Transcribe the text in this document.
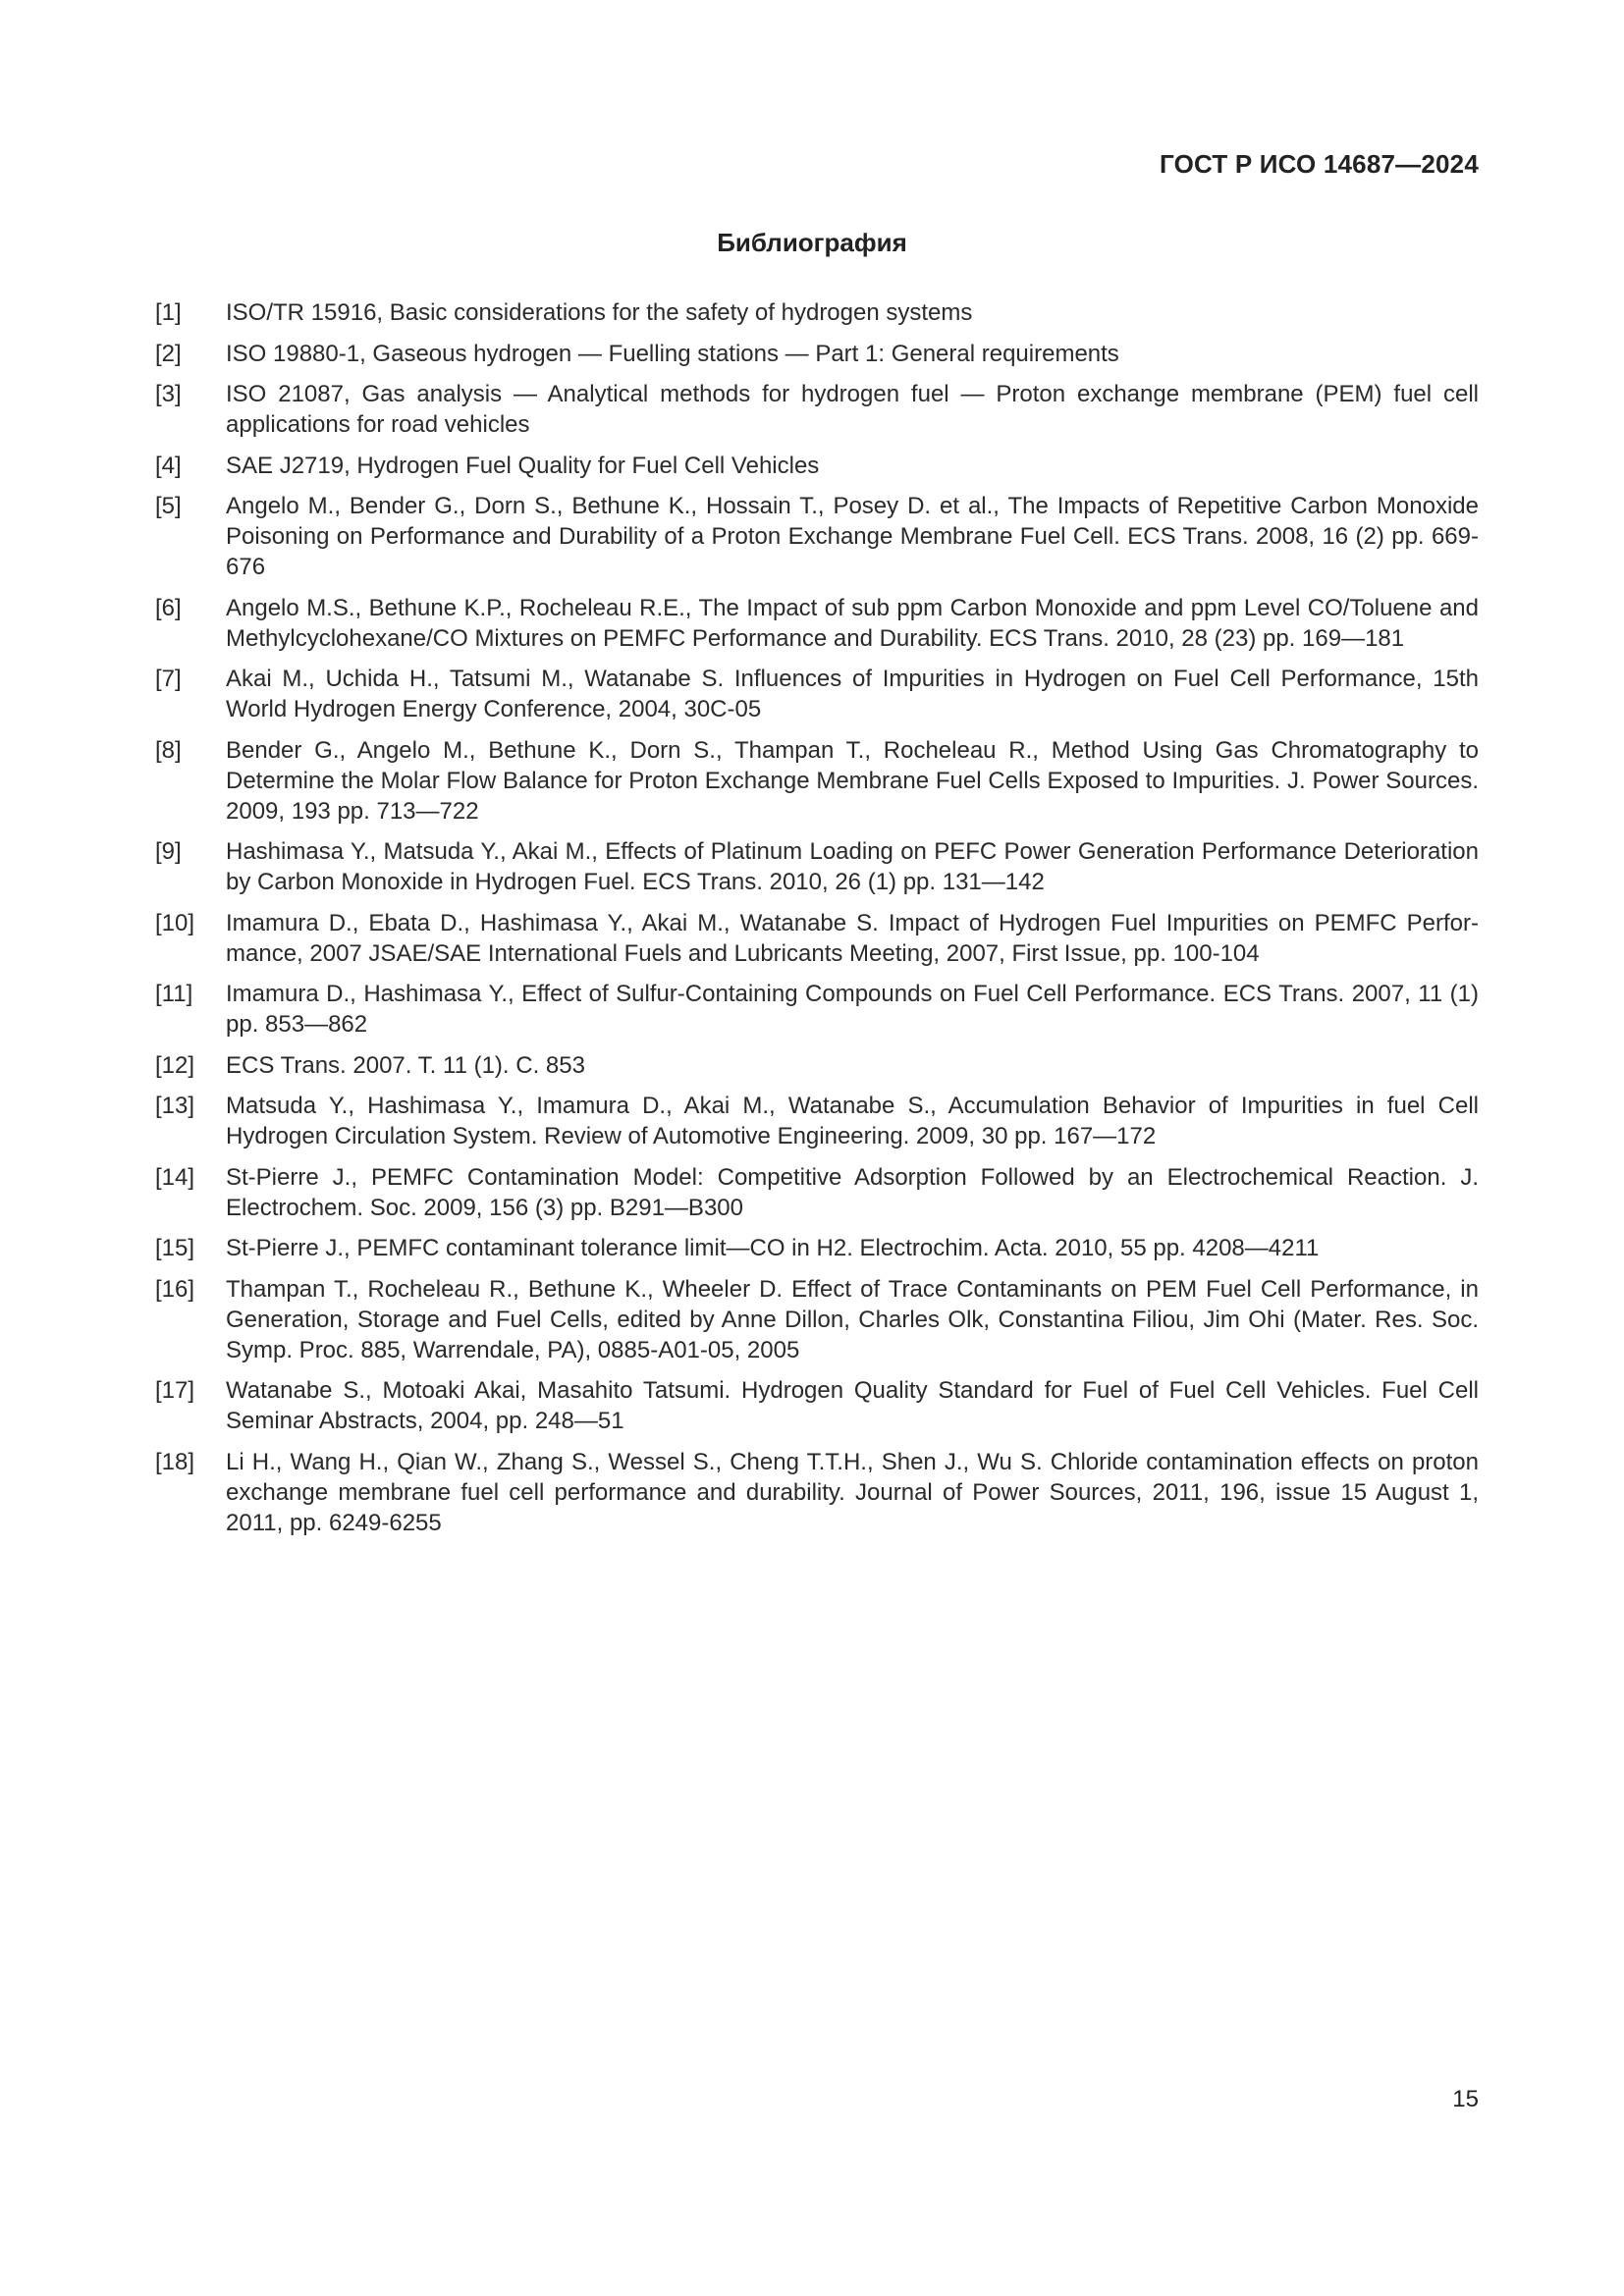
ГОСТ Р ИСО 14687—2024
Библиография
[1]	ISO/TR 15916, Basic considerations for the safety of hydrogen systems
[2]	ISO 19880-1, Gaseous hydrogen — Fuelling stations — Part 1: General requirements
[3]	ISO 21087, Gas analysis — Analytical methods for hydrogen fuel — Proton exchange membrane (PEM) fuel cell applications for road vehicles
[4]	SAE J2719, Hydrogen Fuel Quality for Fuel Cell Vehicles
[5]	Angelo M., Bender G., Dorn S., Bethune K., Hossain T., Posey D. et al., The Impacts of Repetitive Carbon Monoxide Poisoning on Performance and Durability of a Proton Exchange Membrane Fuel Cell. ECS Trans. 2008, 16 (2) pp. 669-676
[6]	Angelo M.S., Bethune K.P., Rocheleau R.E., The Impact of sub ppm Carbon Monoxide and ppm Level CO/Toluene and Methylcyclohexane/CO Mixtures on PEMFC Performance and Durability. ECS Trans. 2010, 28 (23) pp. 169—181
[7]	Akai M., Uchida H., Tatsumi M., Watanabe S. Influences of Impurities in Hydrogen on Fuel Cell Performance, 15th World Hydrogen Energy Conference, 2004, 30C-05
[8]	Bender G., Angelo M., Bethune K., Dorn S., Thampan T., Rocheleau R., Method Using Gas Chromatography to Determine the Molar Flow Balance for Proton Exchange Membrane Fuel Cells Exposed to Impurities. J. Power Sources. 2009, 193 pp. 713—722
[9]	Hashimasa Y., Matsuda Y., Akai M., Effects of Platinum Loading on PEFC Power Generation Performance Deterioration by Carbon Monoxide in Hydrogen Fuel. ECS Trans. 2010, 26 (1) pp. 131—142
[10]	Imamura D., Ebata D., Hashimasa Y., Akai M., Watanabe S. Impact of Hydrogen Fuel Impurities on PEMFC Performance, 2007 JSAE/SAE International Fuels and Lubricants Meeting, 2007, First Issue, pp. 100-104
[11]	Imamura D., Hashimasa Y., Effect of Sulfur-Containing Compounds on Fuel Cell Performance. ECS Trans. 2007, 11 (1) pp. 853—862
[12]	ECS Trans. 2007. T. 11 (1). C. 853
[13]	Matsuda Y., Hashimasa Y., Imamura D., Akai M., Watanabe S., Accumulation Behavior of Impurities in fuel Cell Hydrogen Circulation System. Review of Automotive Engineering. 2009, 30 pp. 167—172
[14]	St-Pierre J., PEMFC Contamination Model: Competitive Adsorption Followed by an Electrochemical Reaction. J. Electrochem. Soc. 2009, 156 (3) pp. B291—B300
[15]	St-Pierre J., PEMFC contaminant tolerance limit—CO in H2. Electrochim. Acta. 2010, 55 pp. 4208—4211
[16]	Thampan T., Rocheleau R., Bethune K., Wheeler D. Effect of Trace Contaminants on PEM Fuel Cell Performance, in Generation, Storage and Fuel Cells, edited by Anne Dillon, Charles Olk, Constantina Filiou, Jim Ohi (Mater. Res. Soc. Symp. Proc. 885, Warrendale, PA), 0885-A01-05, 2005
[17]	Watanabe S., Motoaki Akai, Masahito Tatsumi. Hydrogen Quality Standard for Fuel of Fuel Cell Vehicles. Fuel Cell Seminar Abstracts, 2004, pp. 248—51
[18]	Li H., Wang H., Qian W., Zhang S., Wessel S., Cheng T.T.H., Shen J., Wu S. Chloride contamination effects on proton exchange membrane fuel cell performance and durability. Journal of Power Sources, 2011, 196, issue 15 August 1, 2011, pp. 6249-6255
15
